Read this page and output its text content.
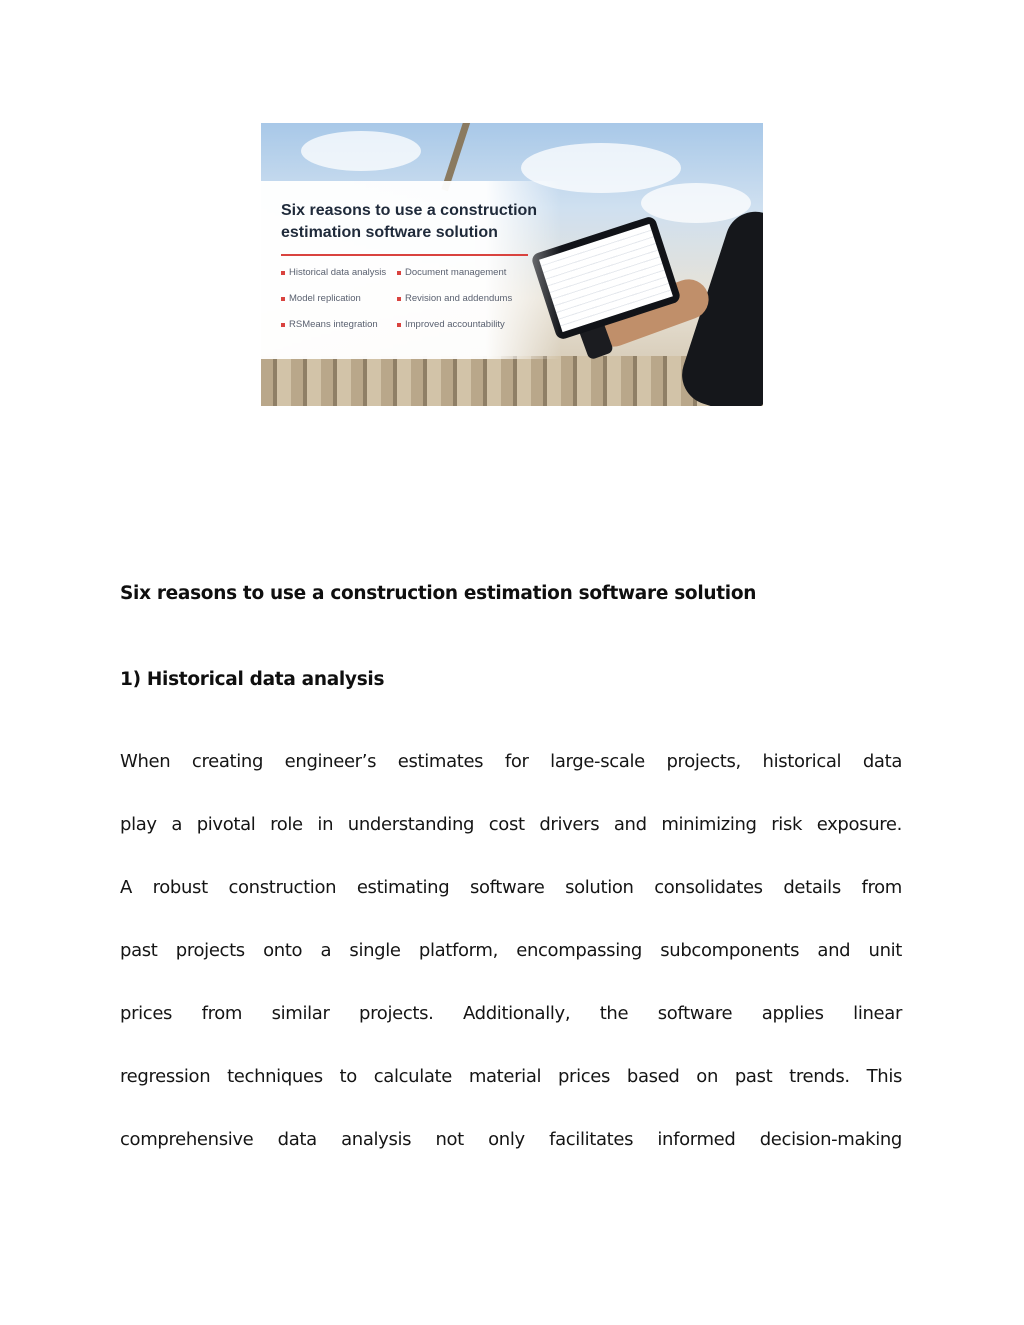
Six reasons to use a construction estimation software solution
Historical data analysis Document management
Model replication	Revision and addendums
RSMeans integration	Improved accountability
Six reasons to use a construction estimation software solution
1) Historical data analysis
When creating engineer’s estimates for large-scale projects, historical data
play a pivotal role in understanding cost drivers and minimizing risk exposure.
A robust construction estimating software solution consolidates details from
past projects onto a single platform, encompassing subcomponents and unit
prices from similar projects. Additionally, the software applies linear
regression techniques to calculate material prices based on past trends. This
comprehensive data analysis not only facilitates informed decision-making
